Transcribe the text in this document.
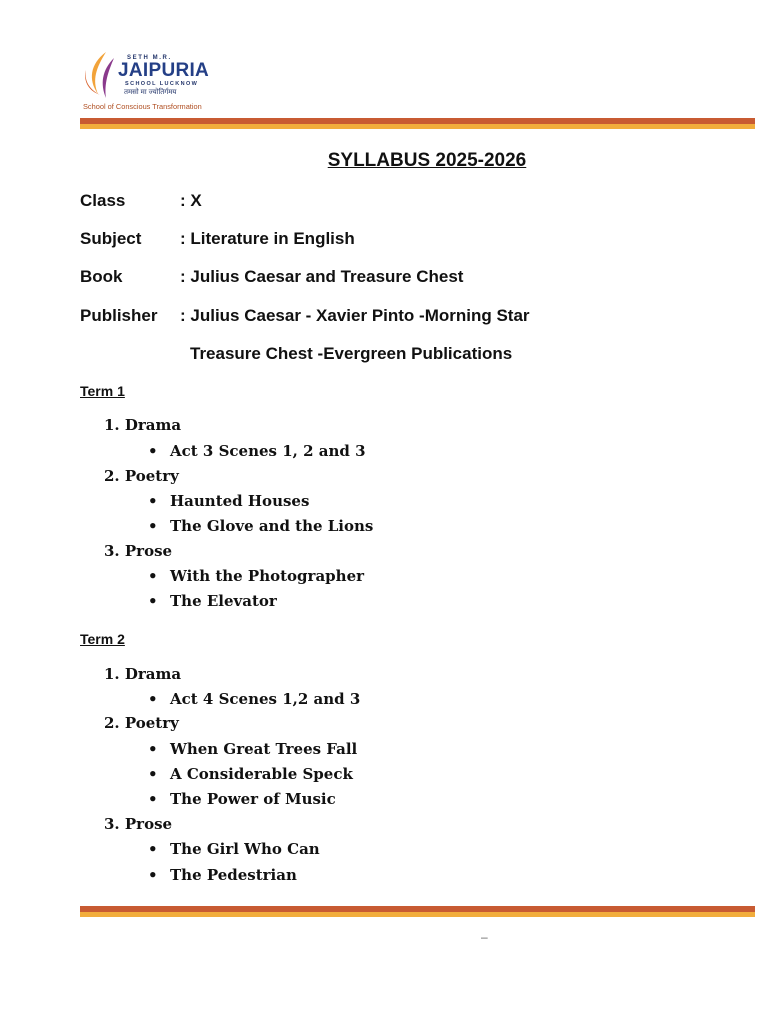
SETH M.R.
JAIPURIA
SCHOOL LUCKNOW
तमसो मा ज्योतिर्गमय
School of Conscious Transformation
SYLLABUS 2025-2026
Class	: X
Subject : Literature in English
Book	: Julius Caesar and Treasure Chest
Publisher : Julius Caesar - Xavier Pinto -Morning Star
Treasure Chest -Evergreen Publications
Term 1
1. Drama
• Act 3 Scenes 1, 2 and 3
2. Poetry
• Haunted Houses
• The Glove and the Lions
3. Prose
• With the Photographer
• The Elevator
Term 2
1. Drama
• Act 4 Scenes 1,2 and 3
2. Poetry
• When Great Trees Fall
• A Considerable Speck
• The Power of Music
3. Prose
• The Girl Who Can
• The Pedestrian
–
